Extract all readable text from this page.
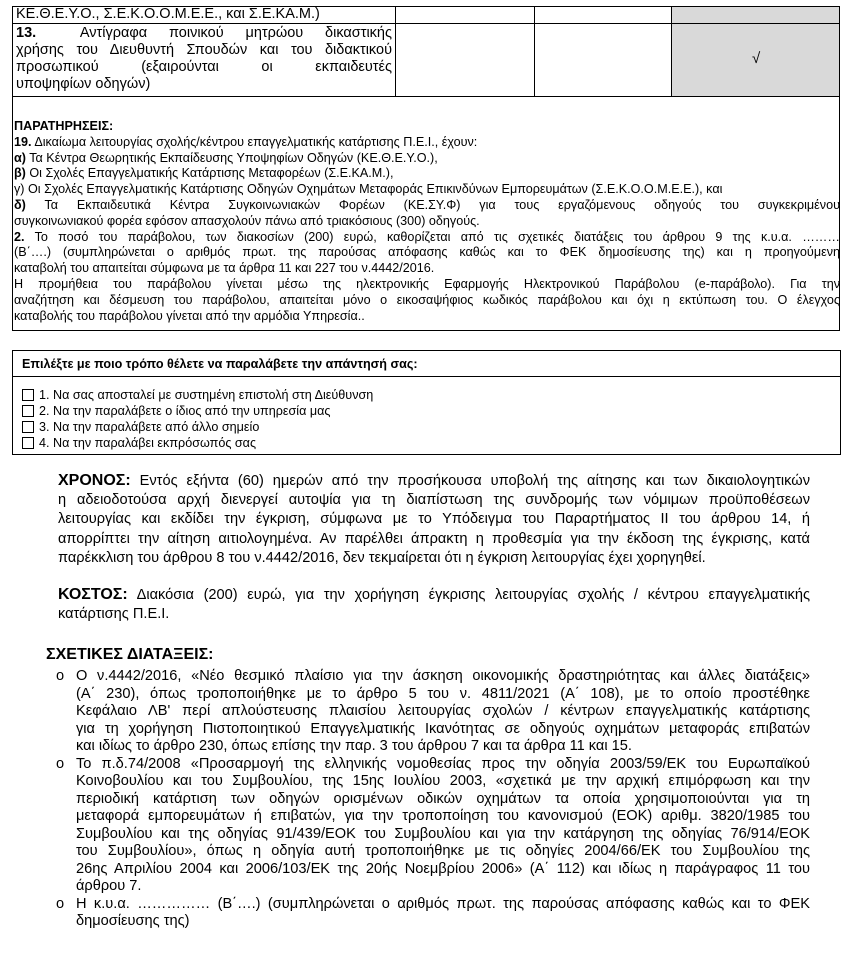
ΚΕ.Θ.Ε.Υ.Ο., Σ.Ε.Κ.Ο.Ο.Μ.Ε.Ε., και Σ.Ε.ΚΑ.Μ.)
13.	Αντίγραφα ποινικού μητρώου δικαστικής
χρήσης του Διευθυντή Σπουδών και του διδακτικού
προσωπικού (εξαιρούνται οι εκπαιδευτές
υποψηφίων οδηγών)
√

ΠΑΡΑΤΗΡΗΣΕΙΣ:

19. Δικαίωμα λειτουργίας σχολής/κέντρου επαγγελματικής κατάρτισης Π.Ε.Ι., έχουν:

α) Τα Κέντρα Θεωρητικής Εκπαίδευσης Υποψηφίων Οδηγών (ΚΕ.Θ.Ε.Υ.Ο.),

β) Οι Σχολές Επαγγελματικής Κατάρτισης Μεταφορέων (Σ.Ε.ΚΑ.Μ.),

γ) Οι Σχολές Επαγγελματικής Κατάρτισης Οδηγών Οχημάτων Μεταφοράς Επικινδύνων Εμπορευμάτων (Σ.Ε.Κ.Ο.Ο.Μ.Ε.Ε.), και

δ) Τα Εκπαιδευτικά Κέντρα Συγκοινωνιακών Φορέων (ΚΕ.ΣΥ.Φ) για τους εργαζόμενους οδηγούς του συγκεκριμένου

συγκοινωνιακού φορέα εφόσον απασχολούν πάνω από τριακόσιους (300) οδηγούς.

2. Το ποσό του παράβολου, των διακοσίων (200) ευρώ, καθορίζεται από τις σχετικές διατάξεις του άρθρου 9 της κ.υ.α. ………

(Β΄….) (συμπληρώνεται ο αριθμός πρωτ. της παρούσας απόφασης καθώς και το ΦΕΚ δημοσίευσης της) και η προηγούμενη

καταβολή του απαιτείται σύμφωνα με τα άρθρα 11 και 227 του ν.4442/2016.

Η προμήθεια του παράβολου γίνεται μέσω της ηλεκτρονικής Εφαρμογής Ηλεκτρονικού Παράβολου (e-παράβολο). Για την

αναζήτηση και δέσμευση του παράβολου, απαιτείται μόνο ο εικοσαψήφιος κωδικός παράβολου και όχι η εκτύπωση του. Ο έλεγχος

καταβολής του παράβολου γίνεται από την αρμόδια Υπηρεσία..

Επιλέξτε με ποιο τρόπο θέλετε να παραλάβετε την απάντησή σας:
1. Να σας αποσταλεί με συστημένη επιστολή στη Διεύθυνση
2. Να την παραλάβετε ο ίδιος από την υπηρεσία μας
3. Να την παραλάβετε από άλλο σημείο
4. Να την παραλάβει εκπρόσωπός σας

ΧΡΟΝΟΣ: Εντός εξήντα (60) ημερών από την προσήκουσα υποβολή της αίτησης και των δικαιολογητικών

η αδειοδοτούσα αρχή διενεργεί αυτοψία για τη διαπίστωση της συνδρομής των νόμιμων προϋποθέσεων

λειτουργίας και εκδίδει την έγκριση, σύμφωνα με το Υπόδειγμα του Παραρτήματος ΙΙ του άρθρου 14, ή

απορρίπτει την αίτηση αιτιολογημένα. Αν παρέλθει άπρακτη η προθεσμία για την έκδοση της έγκρισης, κατά

παρέκκλιση του άρθρου 8 του ν.4442/2016, δεν τεκμαίρεται ότι η έγκριση λειτουργίας έχει χορηγηθεί.

ΚΟΣΤΟΣ: Διακόσια (200) ευρώ, για την χορήγηση έγκρισης λειτουργίας σχολής / κέντρου επαγγελματικής

κατάρτισης Π.Ε.Ι.

ΣΧΕΤΙΚΕΣ ΔΙΑΤΑΞΕΙΣ:
o Ο ν.4442/2016, «Νέο θεσμικό πλαίσιο για την άσκηση οικονομικής δραστηριότητας και άλλες διατάξεις»

(Α΄ 230), όπως τροποποιήθηκε με το άρθρο 5 του ν. 4811/2021 (Α΄ 108), με το οποίο προστέθηκε

Κεφάλαιο ΛΒ' περί απλούστευσης πλαισίου λειτουργίας σχολών / κέντρων επαγγελματικής κατάρτισης

για τη χορήγηση Πιστοποιητικού Επαγγελματικής Ικανότητας σε οδηγούς οχημάτων μεταφοράς επιβατών

και ιδίως το άρθρο 230, όπως επίσης την παρ. 3 του άρθρου 7 και τα άρθρα 11 και 15.

o Το π.δ.74/2008 «Προσαρμογή της ελληνικής νομοθεσίας προς την οδηγία 2003/59/ΕΚ του Ευρωπαϊκού

Κοινοβουλίου και του Συμβουλίου, της 15ης Ιουλίου 2003, «σχετικά με την αρχική επιμόρφωση και την

περιοδική κατάρτιση των οδηγών ορισμένων οδικών οχημάτων τα οποία χρησιμοποιούνται για τη

μεταφορά εμπορευμάτων ή επιβατών, για την τροποποίηση του κανονισμού (ΕΟΚ) αριθμ. 3820/1985 του

Συμβουλίου και της οδηγίας 91/439/ΕΟΚ του Συμβουλίου και για την κατάργηση της οδηγίας 76/914/ΕΟΚ

του Συμβουλίου», όπως η οδηγία αυτή τροποποιήθηκε με τις οδηγίες 2004/66/ΕΚ του Συμβουλίου της

26ης Απριλίου 2004 και 2006/103/ΕΚ της 20ής Νοεμβρίου 2006» (Α΄ 112) και ιδίως η παράγραφος 11 του

άρθρου 7.

o Η κ.υ.α. …………… (Β΄….) (συμπληρώνεται ο αριθμός πρωτ. της παρούσας απόφασης καθώς και το ΦΕΚ

δημοσίευσης της)
